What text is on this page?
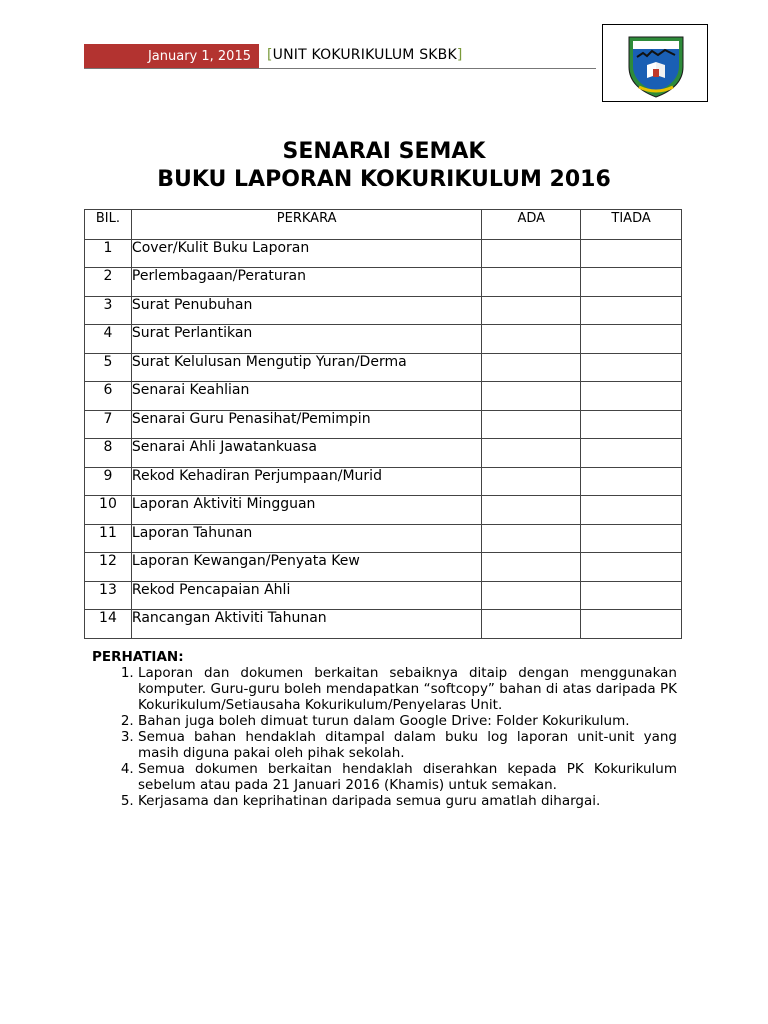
January 1, 2015	[UNIT KOKURIKULUM SKBK]
SENARAI SEMAK
BUKU LAPORAN KOKURIKULUM 2016
BIL.	PERKARA	ADA	TIADA
1	Cover/Kulit Buku Laporan		
2	Perlembagaan/Peraturan		
3	Surat Penubuhan		
4	Surat Perlantikan		
5	Surat Kelulusan Mengutip Yuran/Derma		
6	Senarai Keahlian		
7	Senarai Guru Penasihat/Pemimpin		
8	Senarai Ahli Jawatankuasa		
9	Rekod Kehadiran Perjumpaan/Murid		
10	Laporan Aktiviti Mingguan		
11	Laporan Tahunan		
12	Laporan Kewangan/Penyata Kew		
13	Rekod Pencapaian Ahli		
14	Rancangan Aktiviti Tahunan		
PERHATIAN:
1. Laporan dan dokumen berkaitan sebaiknya ditaip dengan menggunakan komputer. Guru-guru boleh mendapatkan “softcopy” bahan di atas daripada PK Kokurikulum/Setiausaha Kokurikulum/Penyelaras Unit.
2. Bahan juga boleh dimuat turun dalam Google Drive: Folder Kokurikulum.
3. Semua bahan hendaklah ditampal dalam buku log laporan unit-unit yang masih diguna pakai oleh pihak sekolah.
4. Semua dokumen berkaitan hendaklah diserahkan kepada PK Kokurikulum sebelum atau pada 21 Januari 2016 (Khamis) untuk semakan.
5. Kerjasama dan keprihatinan daripada semua guru amatlah dihargai.
